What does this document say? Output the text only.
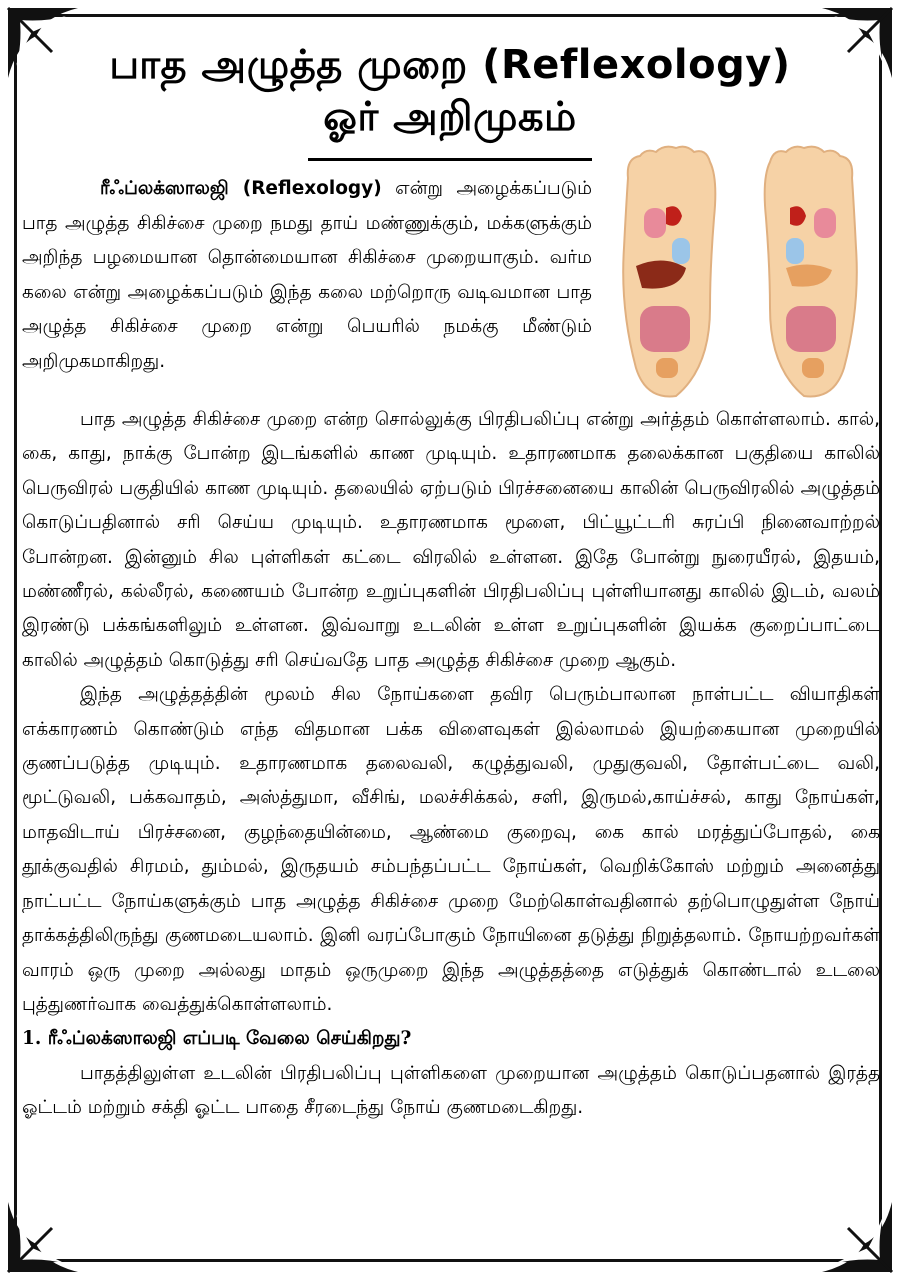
பாத அழுத்த முறை (Reflexology)
ஓர் அறிமுகம்
ரீஃப்லக்ஸாலஜி (Reflexology) என்று அழைக்கப்படும் பாத அழுத்த சிகிச்சை முறை நமது தாய் மண்ணுக்கும், மக்களுக்கும் அறிந்த பழமையான தொன்மையான சிகிச்சை முறையாகும். வர்ம கலை என்று அழைக்கப்படும் இந்த கலை மற்றொரு வடிவமான பாத அழுத்த சிகிச்சை முறை என்று பெயரில் நமக்கு மீண்டும் அறிமுகமாகிறது.

பாத அழுத்த சிகிச்சை முறை என்ற சொல்லுக்கு பிரதிபலிப்பு என்று அர்த்தம் கொள்ளலாம். கால், கை, காது, நாக்கு போன்ற இடங்களில் காண முடியும். உதாரணமாக தலைக்கான பகுதியை காலில் பெருவிரல் பகுதியில் காண முடியும். தலையில் ஏற்படும் பிரச்சனையை காலின் பெருவிரலில் அழுத்தம் கொடுப்பதினால் சரி செய்ய முடியும். உதாரணமாக மூளை, பிட்யூட்டரி சுரப்பி நினைவாற்றல் போன்றன. இன்னும் சில புள்ளிகள் கட்டை விரலில் உள்ளன. இதே போன்று நுரையீரல், இதயம், மண்ணீரல், கல்லீரல், கணையம் போன்ற உறுப்புகளின் பிரதிபலிப்பு புள்ளியானது காலில் இடம், வலம் இரண்டு பக்கங்களிலும் உள்ளன. இவ்வாறு உடலின் உள்ள உறுப்புகளின் இயக்க குறைப்பாட்டை காலில் அழுத்தம் கொடுத்து சரி செய்வதே பாத அழுத்த சிகிச்சை முறை ஆகும்.

இந்த அழுத்தத்தின் மூலம் சில நோய்களை தவிர பெரும்பாலான நாள்பட்ட வியாதிகள் எக்காரணம் கொண்டும் எந்த விதமான பக்க விளைவுகள் இல்லாமல் இயற்கையான முறையில் குணப்படுத்த முடியும். உதாரணமாக தலைவலி, கழுத்துவலி, முதுகுவலி, தோள்பட்டை வலி, மூட்டுவலி, பக்கவாதம், அஸ்த்துமா, வீசிங், மலச்சிக்கல், சளி, இருமல்,காய்ச்சல், காது நோய்கள், மாதவிடாய் பிரச்சனை, குழந்தையின்மை, ஆண்மை குறைவு, கை கால் மரத்துப்போதல், கை தூக்குவதில் சிரமம், தும்மல், இருதயம் சம்பந்தப்பட்ட நோய்கள், வெறிக்கோஸ் மற்றும் அனைத்து நாட்பட்ட நோய்களுக்கும் பாத அழுத்த சிகிச்சை முறை மேற்கொள்வதினால் தற்பொழுதுள்ள நோய் தாக்கத்திலிருந்து குணமடையலாம். இனி வரப்போகும் நோயினை தடுத்து நிறுத்தலாம். நோயற்றவர்கள் வாரம் ஒரு முறை அல்லது மாதம் ஒருமுறை இந்த அழுத்தத்தை எடுத்துக் கொண்டால் உடலை புத்துணர்வாக வைத்துக்கொள்ளலாம்.

1. ரீஃப்லக்ஸாலஜி எப்படி வேலை செய்கிறது?

பாதத்திலுள்ள உடலின் பிரதிபலிப்பு புள்ளிகளை முறையான அழுத்தம் கொடுப்பதனால் இரத்த ஓட்டம் மற்றும் சக்தி ஓட்ட பாதை சீரடைந்து நோய் குணமடைகிறது.
